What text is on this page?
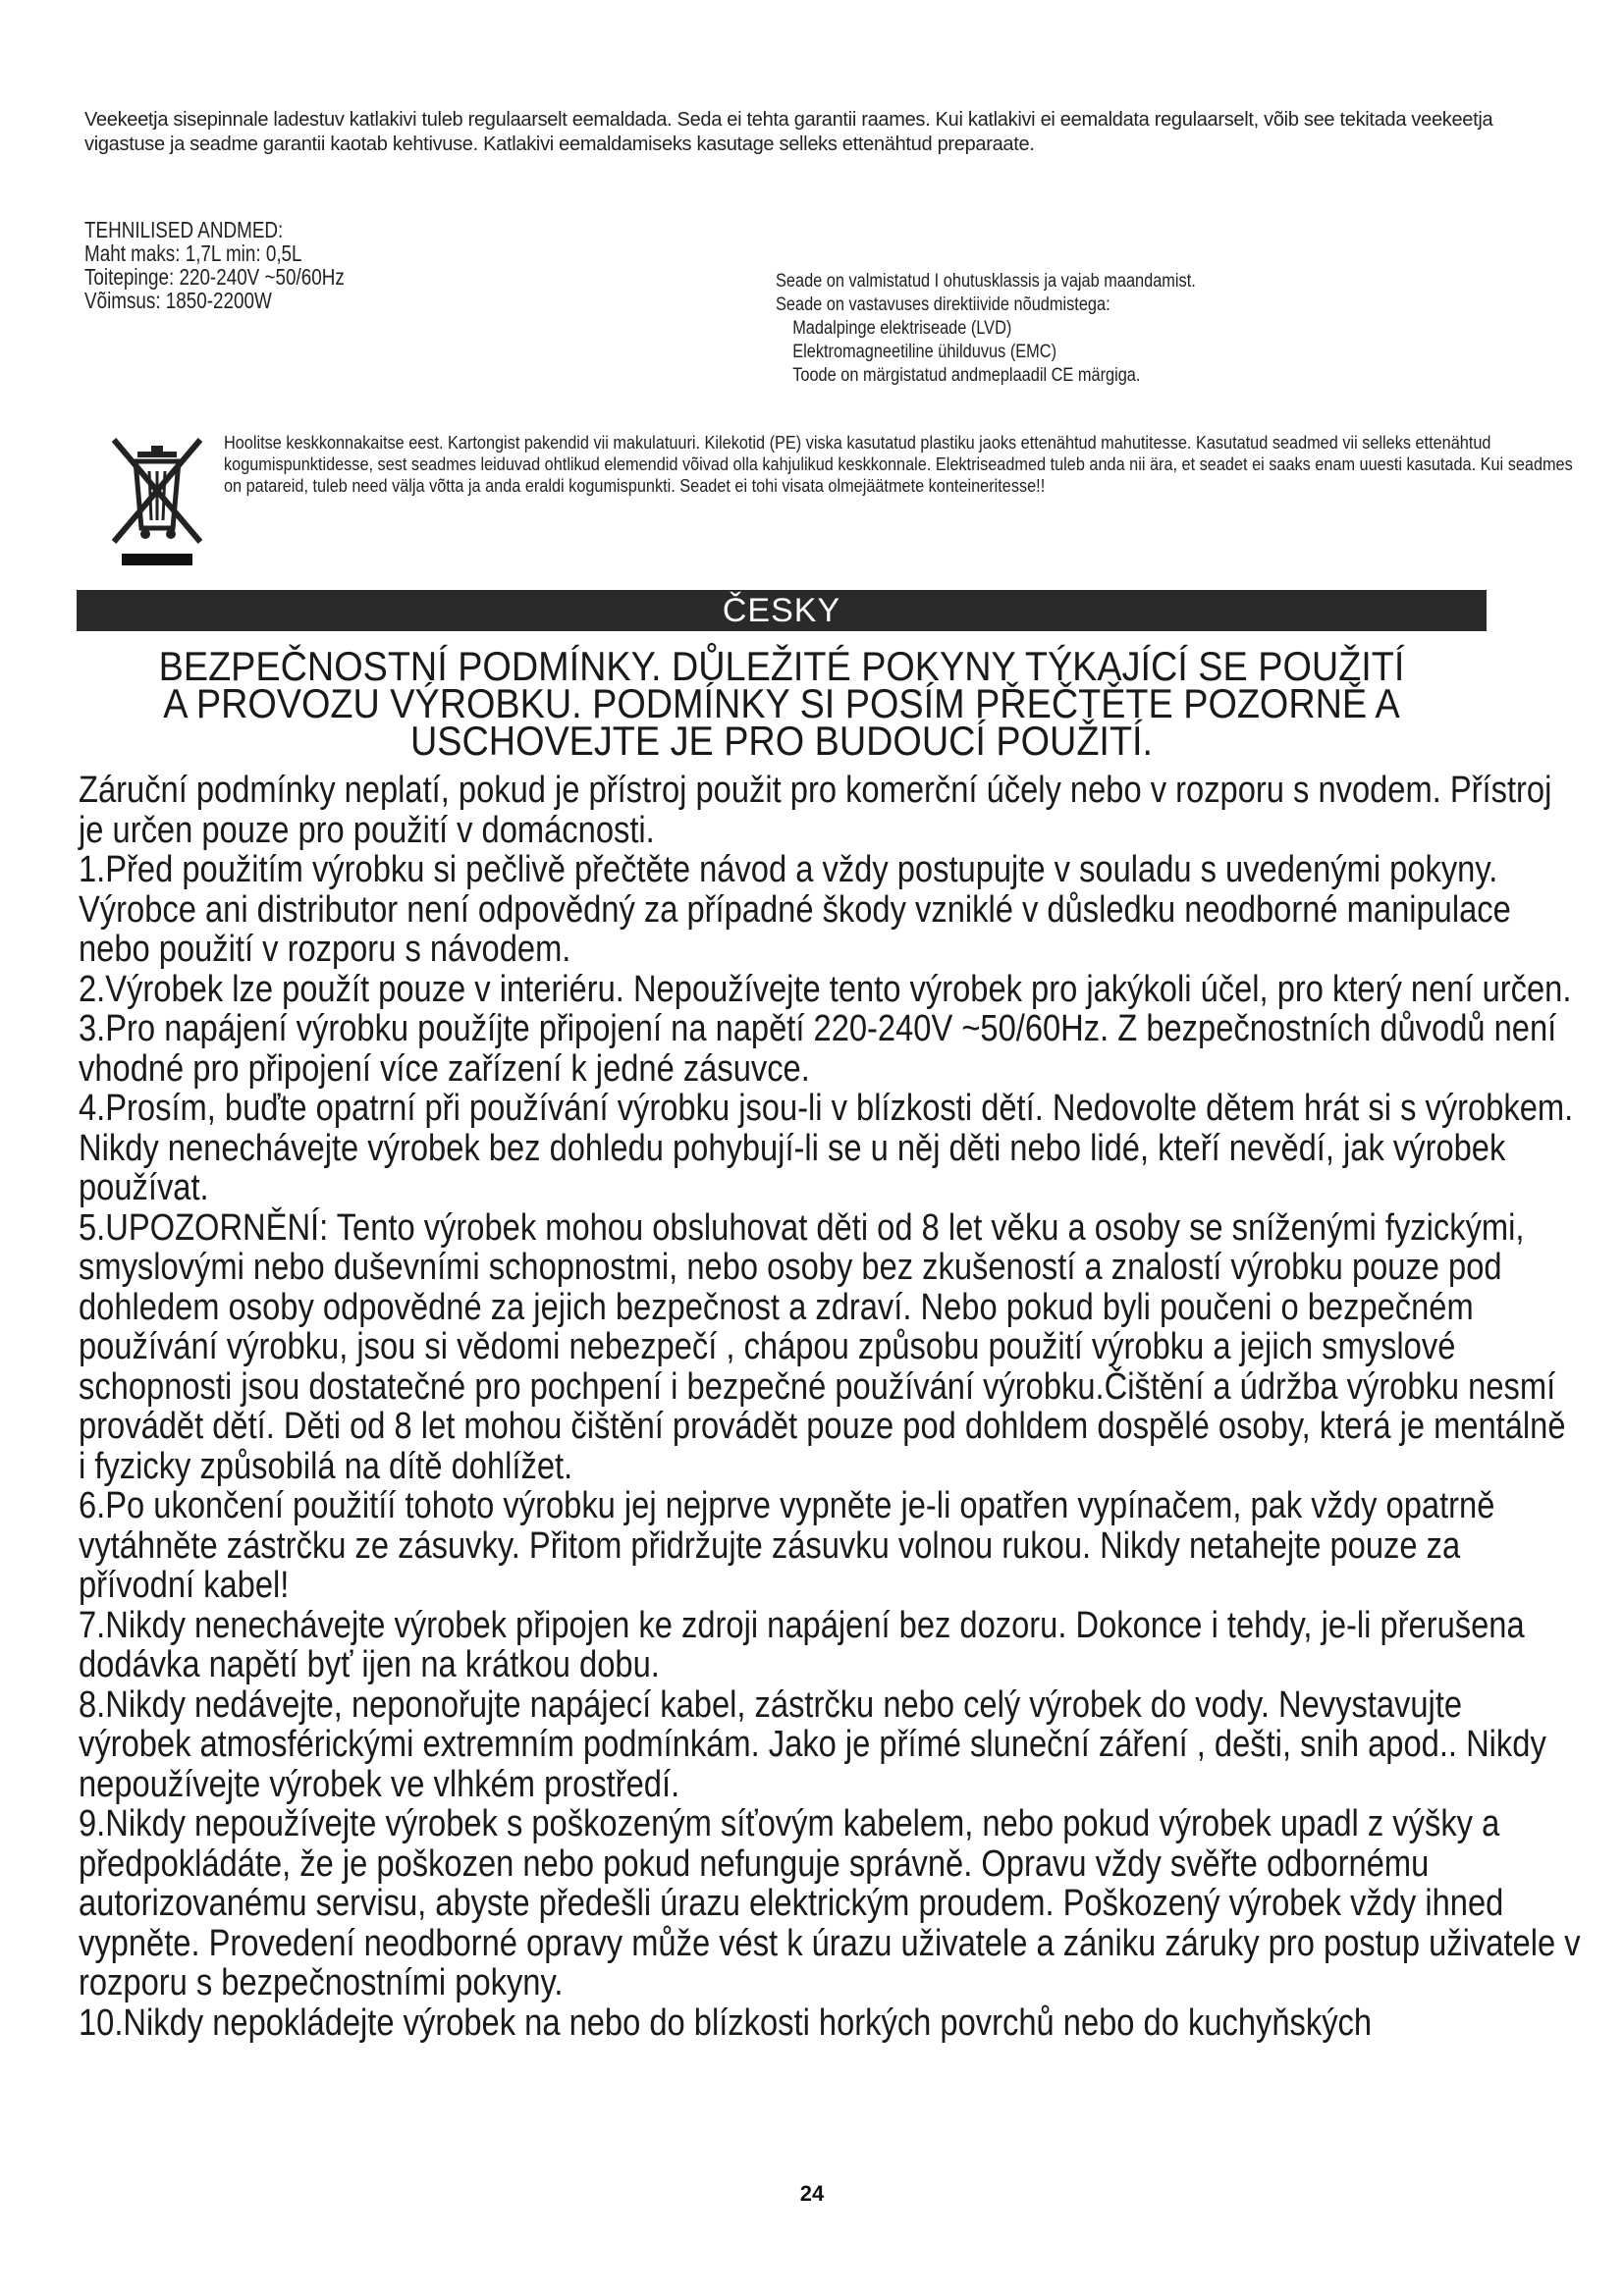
Veekeetja sisepinnale ladestuv katlakivi tuleb regulaarselt eemaldada. Seda ei tehta garantii raames. Kui katlakivi ei eemaldata regulaarselt, võib see tekitada veekeetja vigastuse ja seadme garantii kaotab kehtivuse. Katlakivi eemaldamiseks kasutage selleks ettenähtud preparaate.
TEHNILISED ANDMED:
Maht maks: 1,7L min: 0,5L
Toitepinge: 220-240V ~50/60Hz
Võimsus: 1850-2200W
Seade on valmistatud I ohutusklassis ja vajab maandamist.
Seade on vastavuses direktiivide nõudmistega:
Madalpinge elektriseade (LVD)
Elektromagneetiline ühilduvus (EMC)
Toode on märgistatud andmeplaadil CE märgiga.
Hoolitse keskkonnakaitse eest. Kartongist pakendid vii makulatuuri. Kilekotid (PE) viska kasutatud plastiku jaoks ettenähtud mahutitesse. Kasutatud seadmed vii selleks ettenähtud kogumispunktidesse, sest seadmes leiduvad ohtlikud elemendid võivad olla kahjulikud keskkonnale. Elektriseadmed tuleb anda nii ära, et seadet ei saaks enam uuesti kasutada. Kui seadmes on patareid, tuleb need välja võtta ja anda eraldi kogumispunkti. Seadet ei tohi visata olmejäätmete konteineritesse!!
ČESKY
BEZPEČNOSTNÍ PODMÍNKY. DŮLEŽITÉ POKYNY TÝKAJÍCÍ SE POUŽITÍ A PROVOZU VÝROBKU. PODMÍNKY SI POSÍM PŘEČTĚTE POZORNĚ A USCHOVEJTE JE PRO BUDOUCÍ POUŽITÍ.

Záruční podmínky neplatí, pokud je přístroj použit pro komerční účely nebo v rozporu s nvodem. Přístroj je určen pouze pro použití v domácnosti.

1.Před použitím výrobku si pečlivě přečtěte návod a vždy postupujte v souladu s uvedenými pokyny. Výrobce ani distributor není odpovědný za případné škody vzniklé v důsledku neodborné manipulace nebo použití v rozporu s návodem.

2.Výrobek lze použít pouze v interiéru. Nepoužívejte tento výrobek pro jakýkoli účel, pro který není určen.

3.Pro napájení výrobku použíjte připojení na napětí 220-240V ~50/60Hz. Z bezpečnostních důvodů není vhodné pro připojení více zařízení k jedné zásuvce.

4.Prosím, buďte opatrní při používání výrobku jsou-li v blízkosti dětí. Nedovolte dětem hrát si s výrobkem. Nikdy nenechávejte výrobek bez dohledu pohybují-li se u něj děti nebo lidé, kteří nevědí, jak výrobek používat.

5.UPOZORNĚNÍ: Tento výrobek mohou obsluhovat děti od 8 let věku a osoby se sníženými fyzickými, smyslovými nebo duševními schopnostmi, nebo osoby bez zkušeností a znalostí výrobku pouze pod dohledem osoby odpovědné za jejich bezpečnost a zdraví. Nebo pokud byli poučeni o bezpečném používání výrobku, jsou si vědomi nebezpečí , chápou způsobu použití výrobku a jejich smyslové schopnosti jsou dostatečné pro pochpení i bezpečné používání výrobku.Čištění a údržba výrobku nesmí provádět dětí. Děti od 8 let mohou čištění provádět pouze pod dohldem dospělé osoby, která je mentálně i fyzicky způsobilá na dítě dohlížet.

6.Po ukončení použitíí tohoto výrobku jej nejprve vypněte je-li opatřen vypínačem, pak vždy opatrně vytáhněte zástrčku ze zásuvky. Přitom přidržujte zásuvku volnou rukou. Nikdy netahejte pouze za přívodní kabel!

7.Nikdy nenechávejte výrobek připojen ke zdroji napájení bez dozoru. Dokonce i tehdy, je-li přerušena dodávka napětí byť ijen na krátkou dobu.

8.Nikdy nedávejte, neponořujte napájecí kabel, zástrčku nebo celý výrobek do vody. Nevystavujte výrobek atmosférickými extremním podmínkám. Jako je přímé sluneční záření , dešti, snih apod.. Nikdy nepoužívejte výrobek ve vlhkém prostředí.

9.Nikdy nepoužívejte výrobek s poškozeným síťovým kabelem, nebo pokud výrobek upadl z výšky a předpokládáte, že je poškozen nebo pokud nefunguje správně. Opravu vždy svěřte odbornému autorizovanému servisu, abyste předešli úrazu elektrickým proudem. Poškozený výrobek vždy ihned vypněte. Provedení neodborné opravy může vést k úrazu uživatele a zániku záruky pro postup uživatele v rozporu s bezpečnostními pokyny.

10.Nikdy nepokládejte výrobek na nebo do blízkosti horkých povrchů nebo do kuchyňských

24
